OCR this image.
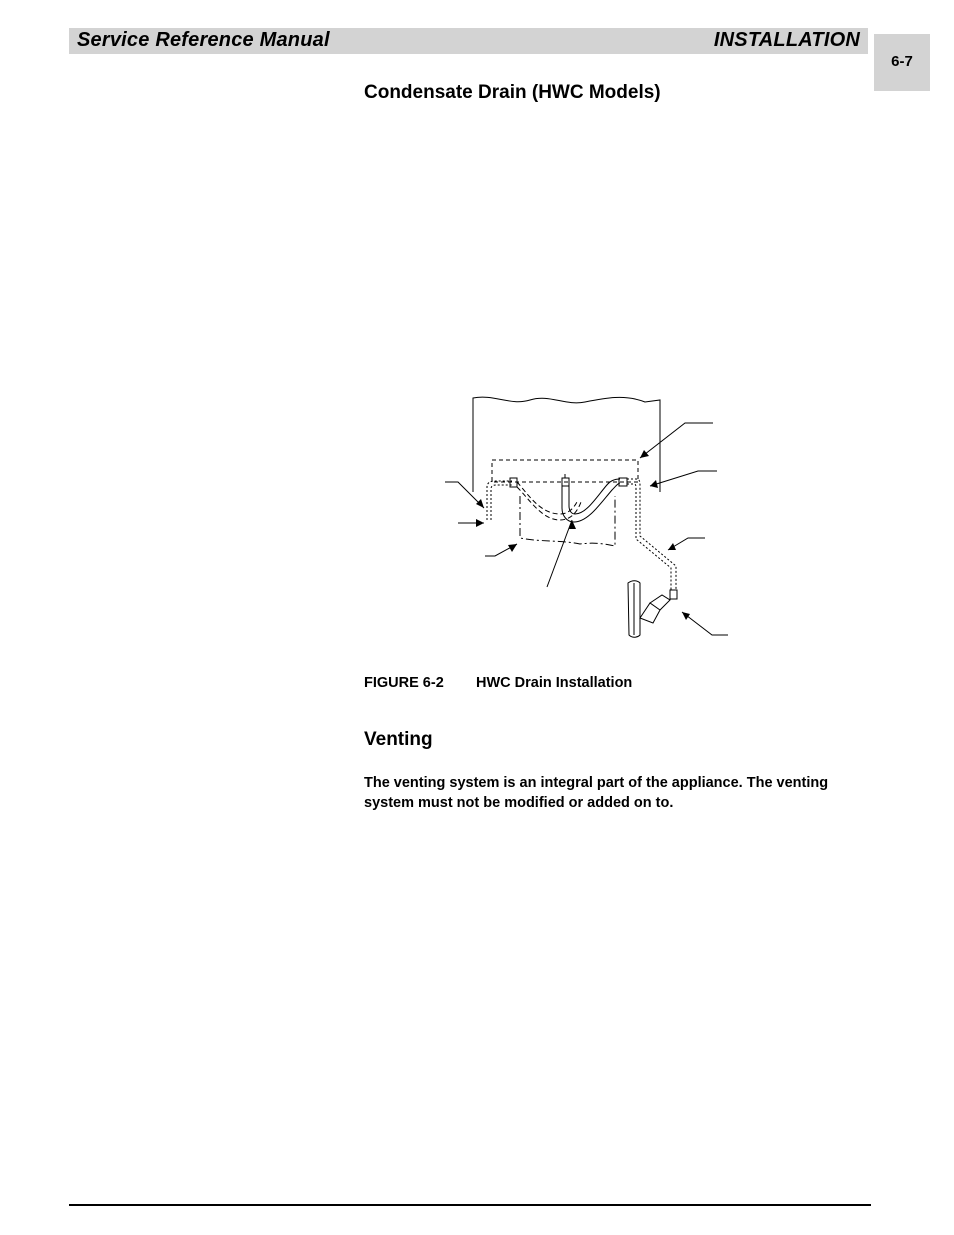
Service Reference Manual	INSTALLATION
6-7
Condensate Drain (HWC Models)
FIGURE 6-2 HWC Drain Installation
Venting
The venting system is an integral part of the appliance. The venting system must not be modified or added on to.
